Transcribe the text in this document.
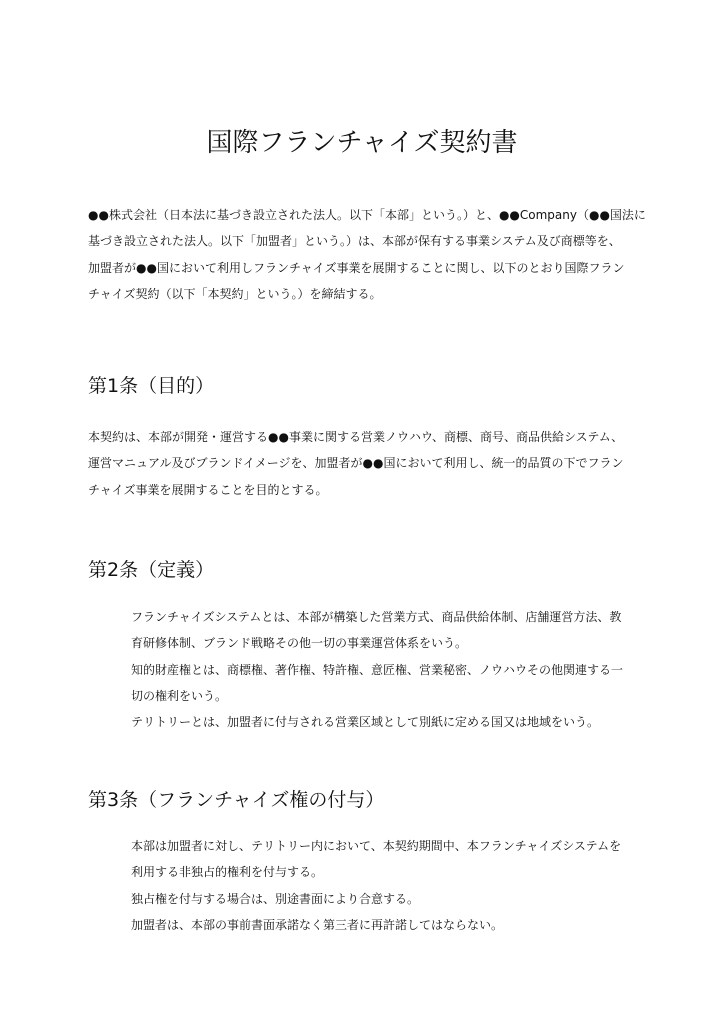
国際フランチャイズ契約書
●●株式会社（日本法に基づき設立された法人。以下「本部」という。）と、●●Company（●●国法に
基づき設立された法人。以下「加盟者」という。）は、本部が保有する事業システム及び商標等を、
加盟者が●●国において利用しフランチャイズ事業を展開することに関し、以下のとおり国際フラン
チャイズ契約（以下「本契約」という。）を締結する。
第1条（目的）
本契約は、本部が開発・運営する●●事業に関する営業ノウハウ、商標、商号、商品供給システム、
運営マニュアル及びブランドイメージを、加盟者が●●国において利用し、統一的品質の下でフラン
チャイズ事業を展開することを目的とする。
第2条（定義）
フランチャイズシステムとは、本部が構築した営業方式、商品供給体制、店舗運営方法、教
育研修体制、ブランド戦略その他一切の事業運営体系をいう。
知的財産権とは、商標権、著作権、特許権、意匠権、営業秘密、ノウハウその他関連する一
切の権利をいう。
テリトリーとは、加盟者に付与される営業区域として別紙に定める国又は地域をいう。
第3条（フランチャイズ権の付与）
本部は加盟者に対し、テリトリー内において、本契約期間中、本フランチャイズシステムを
利用する非独占的権利を付与する。
独占権を付与する場合は、別途書面により合意する。
加盟者は、本部の事前書面承諾なく第三者に再許諾してはならない。
